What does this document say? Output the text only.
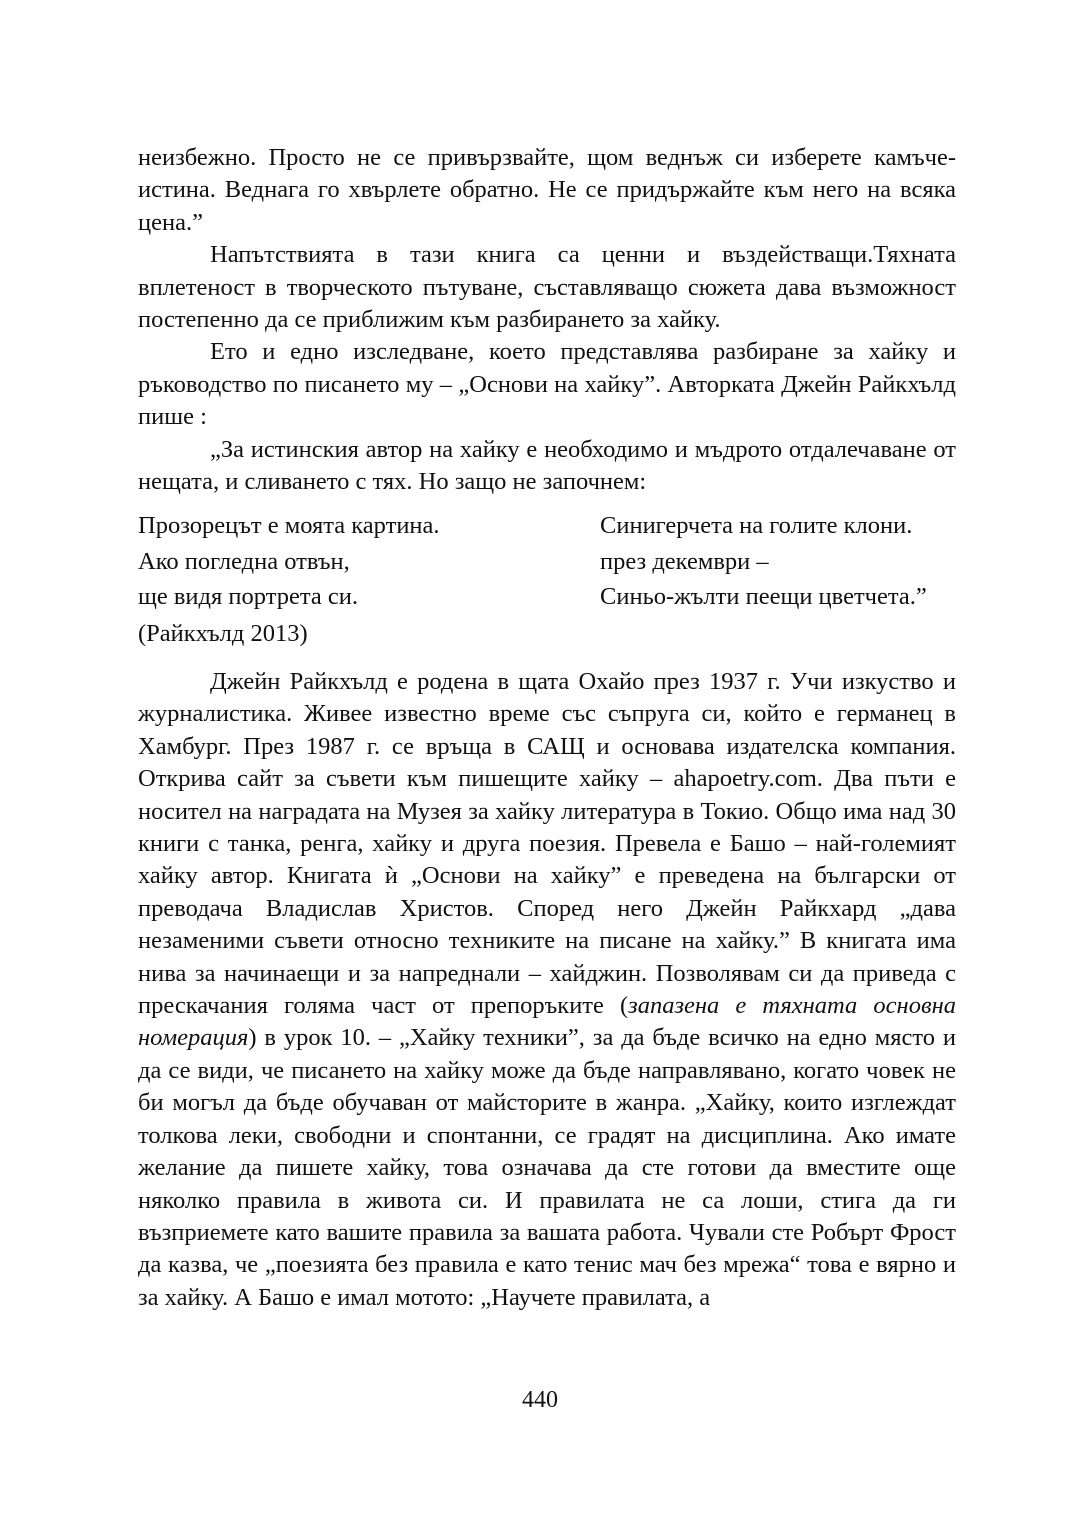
неизбежно. Просто не се привързвайте, щом веднъж си изберете камъче-истина. Веднага го хвърлете обратно. Не се придържайте към него на всяка цена.”

Напътствията в тази книга са ценни и въздействащи.Тяхната вплетеност в творческото пътуване, съставляващо сюжета дава възможност постепенно да се приближим към разбирането за хайку.

Ето и едно изследване, което представлява разбиране за хайку и ръководство по писането му – „Основи на хайку”. Авторката Джейн Райкхълд пише :

„За истинския автор на хайку е необходимо и мъдрото отдалечаване от нещата, и сливането с тях. Но защо не започнем:

Прозорецът е моята картина.
Ако погледна отвън,
ще видя портрета си.
Синигерчета на голите клони.
през декември –
Синьо-жълти пеещи цветчета.”
(Райкхълд 2013)

Джейн Райкхълд е родена в щата Охайо през 1937 г. Учи изкуство и журналистика. Живее известно време със съпруга си, който е германец в Хамбург. През 1987 г. се връща в САЩ и основава издателска компания. Открива сайт за съвети към пишещите хайку – ahapoetry.com. Два пъти е носител на наградата на Музея за хайку литература в Токио. Общо има над 30 книги с танка, ренга, хайку и друга поезия. Превела е Башо – най-големият хайку автор. Книгата ѝ „Основи на хайку” е преведена на български от преводача Владислав Христов. Според него Джейн Райкхард „дава незаменими съвети относно техниките на писане на хайку.” В книгата има нива за начинаещи и за напреднали – хайджин. Позволявам си да приведа с прескачания голяма част от препоръките (запазена е тяхната основна номерация) в урок 10. – „Хайку техники”, за да бъде всичко на едно място и да се види, че писането на хайку може да бъде направлявано, когато човек не би могъл да бъде обучаван от майсторите в жанра. „Хайку, които изглеждат толкова леки, свободни и спонтанни, се градят на дисциплина. Ако имате желание да пишете хайку, това означава да сте готови да вместите още няколко правила в живота си. И правилата не са лоши, стига да ги възприемете като вашите правила за вашата работа. Чували сте Робърт Фрост да казва, че „поезията без правила е като тенис мач без мрежа“ това е вярно и за хайку. А Башо е имал мотото: „Научете правилата, а

440
